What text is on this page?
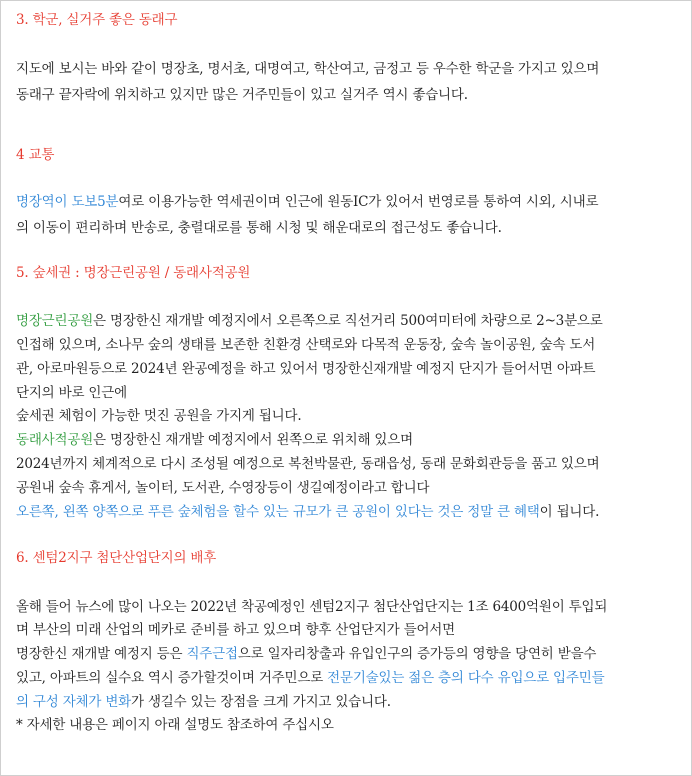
3. 학군, 실거주 좋은 동래구
지도에 보시는 바와 같이 명장초, 명서초, 대명여고, 학산여고, 금정고 등 우수한 학군을 가지고 있으며
동래구 끝자락에 위치하고 있지만 많은 거주민들이 있고 실거주 역시 좋습니다.
4 교통
명장역이 도보5분여로 이용가능한 역세권이며 인근에 원동IC가 있어서 번영로를 통하여 시외, 시내로
의 이동이 편리하며 반송로, 충렬대로를 통해 시청 및 해운대로의 접근성도 좋습니다.
5. 숲세권 : 명장근린공원 / 동래사적공원
명장근린공원은 명장한신 재개발 예정지에서 오른쪽으로 직선거리 500여미터에 차량으로 2~3분으로
인접해 있으며, 소나무 숲의 생태를 보존한 친환경 산택로와 다목적 운동장, 숲속 놀이공원, 숲속 도서
관, 아로마원등으로 2024년 완공예정을 하고 있어서 명장한신재개발 예정지 단지가 들어서면 아파트
단지의 바로 인근에
숲세권 체험이 가능한 멋진 공원을 가지게 됩니다.
동래사적공원은 명장한신 재개발 예정지에서 왼쪽으로 위치해 있으며
2024년까지 체계적으로 다시 조성될 예정으로 복천박물관, 동래읍성, 동래 문화회관등을 품고 있으며
공원내 숲속 휴게서, 놀이터, 도서관, 수영장등이 생길예정이라고 합니다
오른쪽, 왼쪽 양쪽으로 푸른 숲체험을 할수 있는 규모가 큰 공원이 있다는 것은 정말 큰 혜택이 됩니다.
6. 센텀2지구 첨단산업단지의 배후
올해 들어 뉴스에 많이 나오는 2022년 착공예정인 센텀2지구 첨단산업단지는 1조 6400억원이 투입되
며 부산의 미래 산업의 메카로 준비를 하고 있으며 향후 산업단지가 들어서면
명장한신 재개발 예정지 등은 직주근접으로 일자리창출과 유입인구의 증가등의 영향을 당연히 받을수
있고, 아파트의 실수요 역시 증가할것이며 거주민으로 전문기술있는 젊은 층의 다수 유입으로 입주민들
의 구성 자체가 변화가 생길수 있는 장점을 크게 가지고 있습니다.
* 자세한 내용은 페이지 아래 설명도 참조하여 주십시오
